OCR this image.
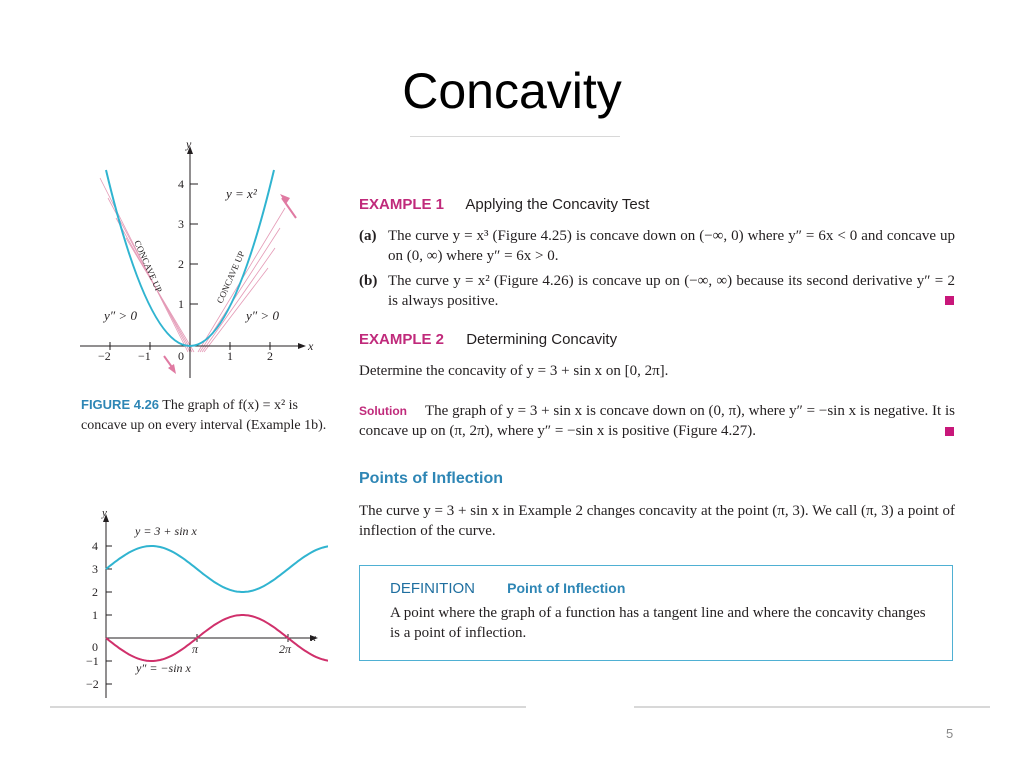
Concavity
y
x
y = x²
4
3
2
1
−2 −1 0	1	2
CONCAVE UP	CONCAVE UP
y″ > 0	y″ > 0
FIGURE 4.26 The graph of f(x) = x² is concave up on every interval (Example 1b).
y
x
y = 3 + sin x
y″ = −sin x
4
3
2
1
0
−1
−2
π	2π
EXAMPLE 1 Applying the Concavity Test
(a) The curve y = x³ (Figure 4.25) is concave down on (−∞, 0) where y″ = 6x < 0 and concave up on (0, ∞) where y″ = 6x > 0.
(b) The curve y = x² (Figure 4.26) is concave up on (−∞, ∞) because its second derivative y″ = 2 is always positive.
EXAMPLE 2 Determining Concavity
Determine the concavity of y = 3 + sin x on [0, 2π].
Solution The graph of y = 3 + sin x is concave down on (0, π), where y″ = −sin x is negative. It is concave up on (π, 2π), where y″ = −sin x is positive (Figure 4.27).
Points of Inflection
The curve y = 3 + sin x in Example 2 changes concavity at the point (π, 3). We call (π, 3) a point of inflection of the curve.
DEFINITION Point of Inflection
A point where the graph of a function has a tangent line and where the concavity changes is a point of inflection.
5
